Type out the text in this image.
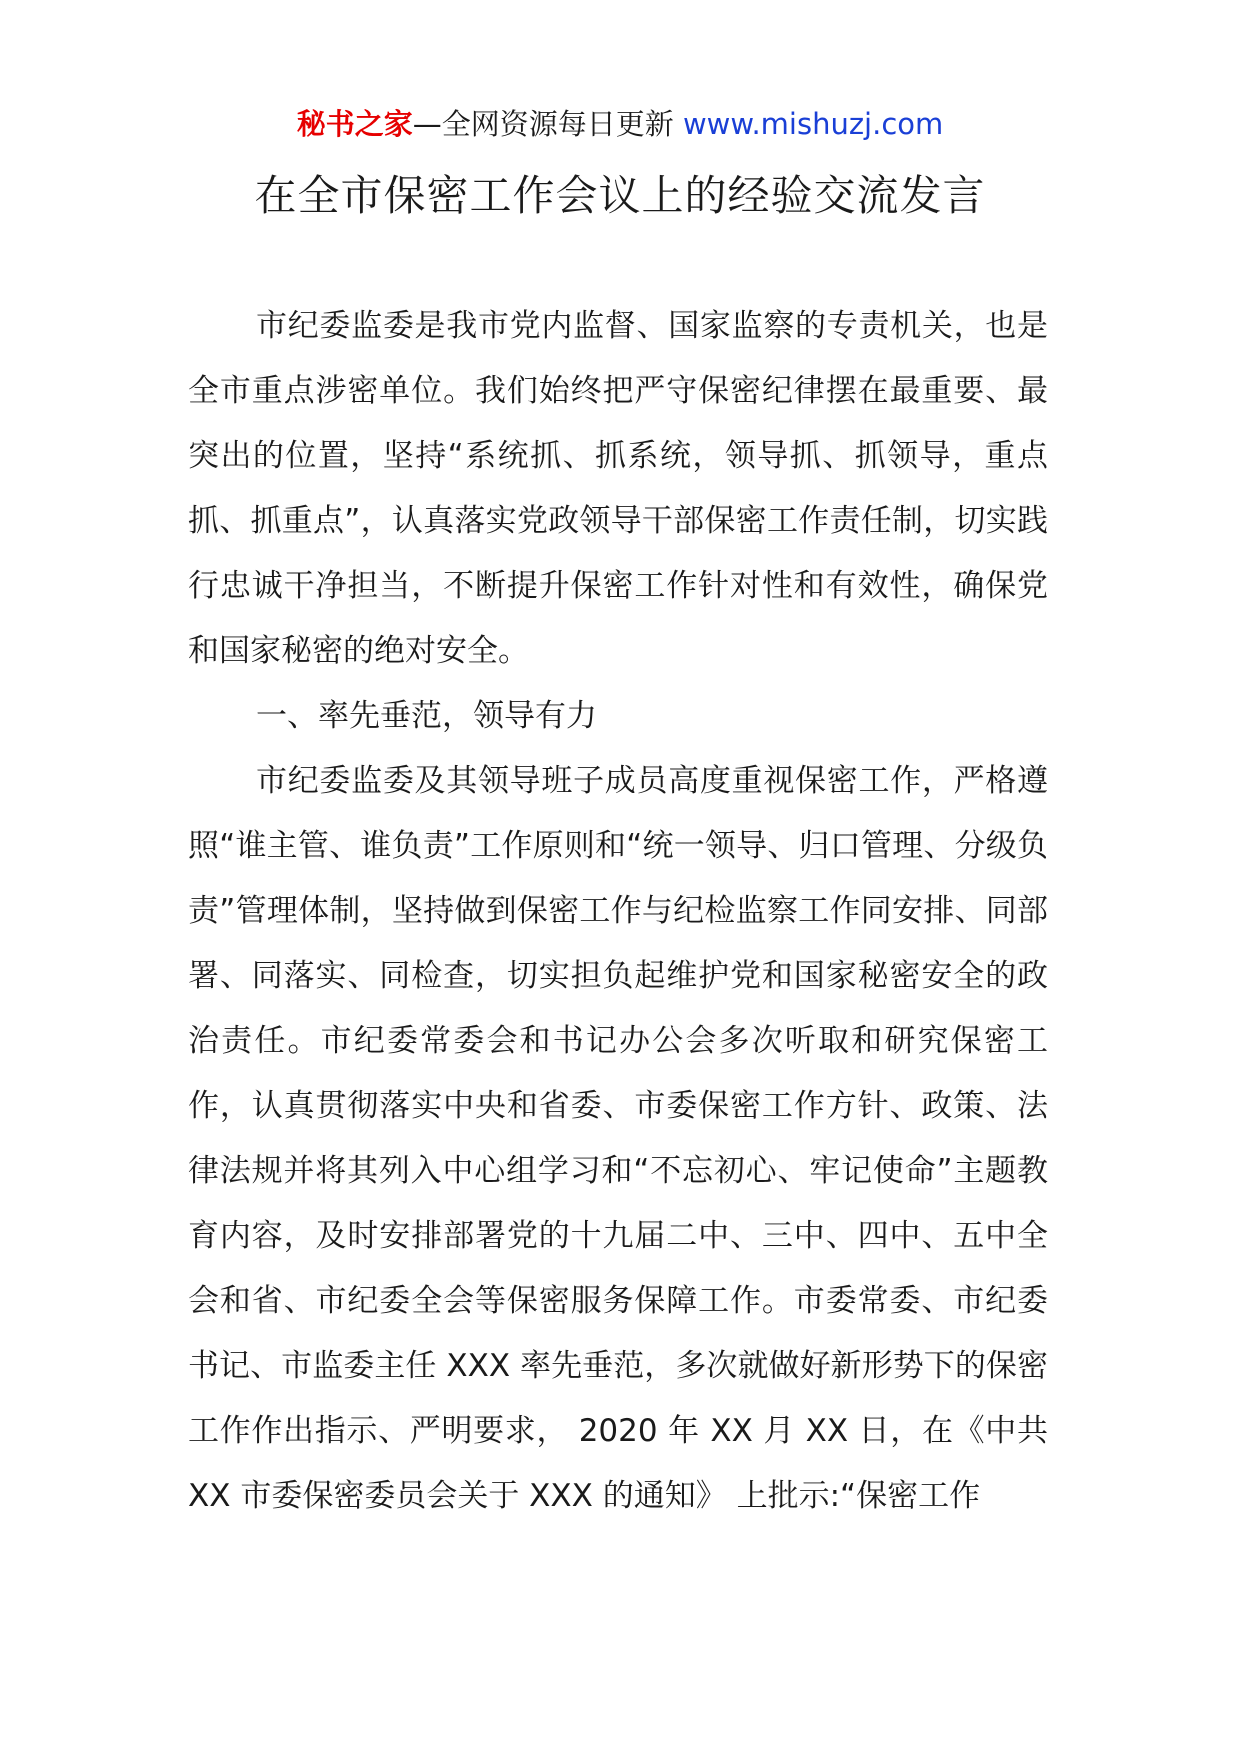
秘书之家—全网资源每日更新 www.mishuzj.com
在全市保密工作会议上的经验交流发言

市纪委监委是我市党内监督、国家监察的专责机关，也是全市重点涉密单位。我们始终把严守保密纪律摆在最重要、最突出的位置，坚持“系统抓、抓系统，领导抓、抓领导，重点抓、抓重点”，认真落实党政领导干部保密工作责任制，切实践行忠诚干净担当，不断提升保密工作针对性和有效性，确保党和国家秘密的绝对安全。

一、率先垂范，领导有力

市纪委监委及其领导班子成员高度重视保密工作，严格遵照“谁主管、谁负责”工作原则和“统一领导、归口管理、分级负责”管理体制，坚持做到保密工作与纪检监察工作同安排、同部署、同落实、同检查，切实担负起维护党和国家秘密安全的政治责任。市纪委常委会和书记办公会多次听取和研究保密工作，认真贯彻落实中央和省委、市委保密工作方针、政策、法律法规并将其列入中心组学习和“不忘初心、牢记使命”主题教育内容，及时安排部署党的十九届二中、三中、四中、五中全会和省、市纪委全会等保密服务保障工作。市委常委、市纪委书记、市监委主任 XXX 率先垂范，多次就做好新形势下的保密工作作出指示、严明要求， 2020 年 XX 月 XX 日，在《中共 XX 市委保密委员会关于 XXX 的通知》 上批示:“保密工作
